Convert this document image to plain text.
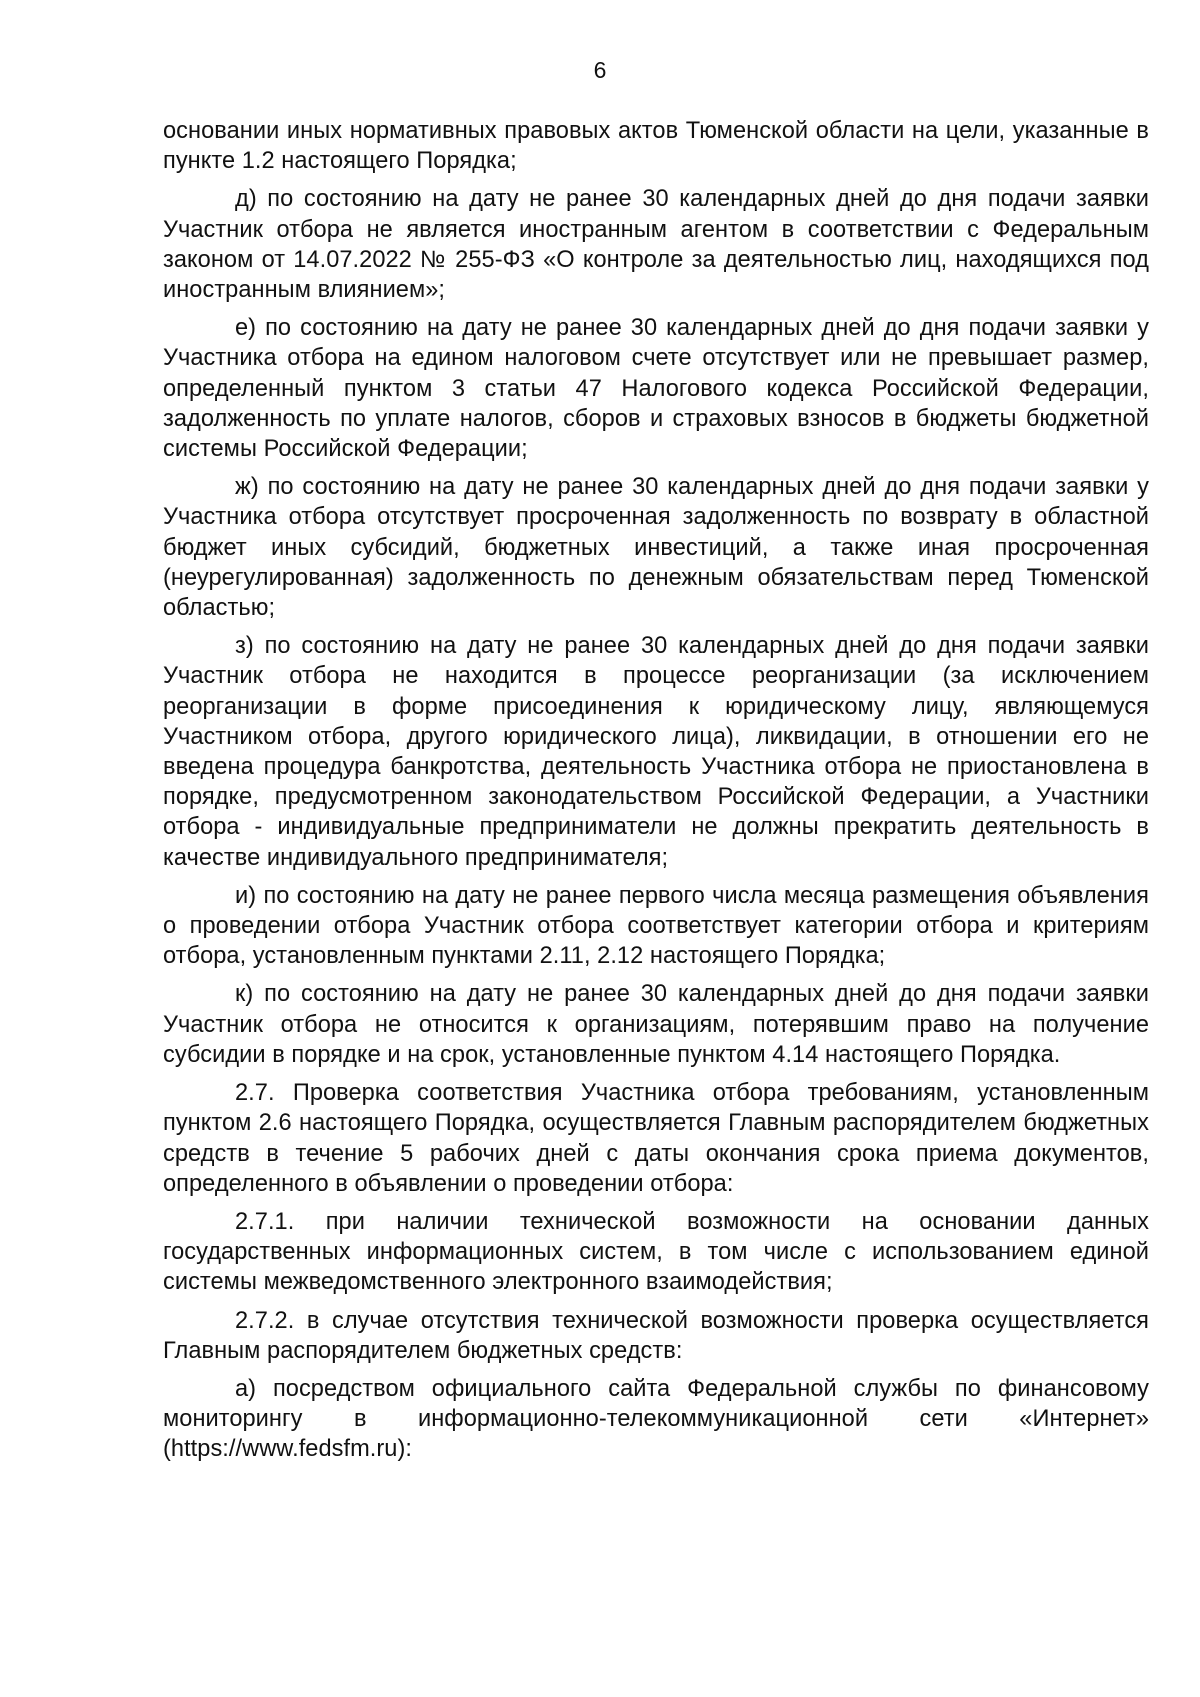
6

основании иных нормативных правовых актов Тюменской области на цели, указанные в пункте 1.2 настоящего Порядка;

д) по состоянию на дату не ранее 30 календарных дней до дня подачи заявки Участник отбора не является иностранным агентом в соответствии с Федеральным законом от 14.07.2022 № 255-ФЗ «О контроле за деятельностью лиц, находящихся под иностранным влиянием»;

е) по состоянию на дату не ранее 30 календарных дней до дня подачи заявки у Участника отбора на едином налоговом счете отсутствует или не превышает размер, определенный пунктом 3 статьи 47 Налогового кодекса Российской Федерации, задолженность по уплате налогов, сборов и страховых взносов в бюджеты бюджетной системы Российской Федерации;

ж) по состоянию на дату не ранее 30 календарных дней до дня подачи заявки у Участника отбора отсутствует просроченная задолженность по возврату в областной бюджет иных субсидий, бюджетных инвестиций, а также иная просроченная (неурегулированная) задолженность по денежным обязательствам перед Тюменской областью;

з) по состоянию на дату не ранее 30 календарных дней до дня подачи заявки Участник отбора не находится в процессе реорганизации (за исключением реорганизации в форме присоединения к юридическому лицу, являющемуся Участником отбора, другого юридического лица), ликвидации, в отношении его не введена процедура банкротства, деятельность Участника отбора не приостановлена в порядке, предусмотренном законодательством Российской Федерации, а Участники отбора - индивидуальные предприниматели не должны прекратить деятельность в качестве индивидуального предпринимателя;

и) по состоянию на дату не ранее первого числа месяца размещения объявления о проведении отбора Участник отбора соответствует категории отбора и критериям отбора, установленным пунктами 2.11, 2.12 настоящего Порядка;

к) по состоянию на дату не ранее 30 календарных дней до дня подачи заявки Участник отбора не относится к организациям, потерявшим право на получение субсидии в порядке и на срок, установленные пунктом 4.14 настоящего Порядка.

2.7. Проверка соответствия Участника отбора требованиям, установленным пунктом 2.6 настоящего Порядка, осуществляется Главным распорядителем бюджетных средств в течение 5 рабочих дней с даты окончания срока приема документов, определенного в объявлении о проведении отбора:

2.7.1. при наличии технической возможности на основании данных государственных информационных систем, в том числе с использованием единой системы межведомственного электронного взаимодействия;

2.7.2. в случае отсутствия технической возможности проверка осуществляется Главным распорядителем бюджетных средств:

а) посредством официального сайта Федеральной службы по финансовому мониторингу в информационно-телекоммуникационной сети «Интернет» (https://www.fedsfm.ru):
